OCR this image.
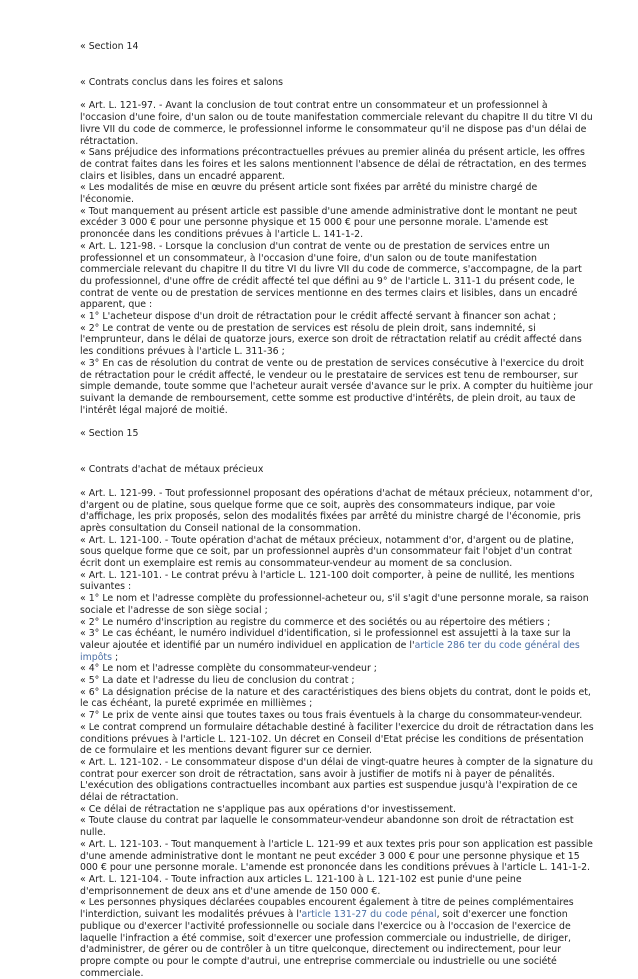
« Section 14

« Contrats conclus dans les foires et salons

« Art. L. 121-97. - Avant la conclusion de tout contrat entre un consommateur et un professionnel à l'occasion d'une foire, d'un salon ou de toute manifestation commerciale relevant du chapitre II du titre VI du livre VII du code de commerce, le professionnel informe le consommateur qu'il ne dispose pas d'un délai de rétractation.

« Sans préjudice des informations précontractuelles prévues au premier alinéa du présent article, les offres de contrat faites dans les foires et les salons mentionnent l'absence de délai de rétractation, en des termes clairs et lisibles, dans un encadré apparent.

« Les modalités de mise en œuvre du présent article sont fixées par arrêté du ministre chargé de l'économie.

« Tout manquement au présent article est passible d'une amende administrative dont le montant ne peut excéder 3 000 € pour une personne physique et 15 000 € pour une personne morale. L'amende est prononcée dans les conditions prévues à l'article L. 141-1-2.

« Art. L. 121-98. - Lorsque la conclusion d'un contrat de vente ou de prestation de services entre un professionnel et un consommateur, à l'occasion d'une foire, d'un salon ou de toute manifestation commerciale relevant du chapitre II du titre VI du livre VII du code de commerce, s'accompagne, de la part du professionnel, d'une offre de crédit affecté tel que défini au 9° de l'article L. 311-1 du présent code, le contrat de vente ou de prestation de services mentionne en des termes clairs et lisibles, dans un encadré apparent, que :

« 1° L'acheteur dispose d'un droit de rétractation pour le crédit affecté servant à financer son achat ;

« 2° Le contrat de vente ou de prestation de services est résolu de plein droit, sans indemnité, si l'emprunteur, dans le délai de quatorze jours, exerce son droit de rétractation relatif au crédit affecté dans les conditions prévues à l'article L. 311-36 ;

« 3° En cas de résolution du contrat de vente ou de prestation de services consécutive à l'exercice du droit de rétractation pour le crédit affecté, le vendeur ou le prestataire de services est tenu de rembourser, sur simple demande, toute somme que l'acheteur aurait versée d'avance sur le prix. A compter du huitième jour suivant la demande de remboursement, cette somme est productive d'intérêts, de plein droit, au taux de l'intérêt légal majoré de moitié.

« Section 15

« Contrats d'achat de métaux précieux

« Art. L. 121-99. - Tout professionnel proposant des opérations d'achat de métaux précieux, notamment d'or, d'argent ou de platine, sous quelque forme que ce soit, auprès des consommateurs indique, par voie d'affichage, les prix proposés, selon des modalités fixées par arrêté du ministre chargé de l'économie, pris après consultation du Conseil national de la consommation.

« Art. L. 121-100. - Toute opération d'achat de métaux précieux, notamment d'or, d'argent ou de platine, sous quelque forme que ce soit, par un professionnel auprès d'un consommateur fait l'objet d'un contrat écrit dont un exemplaire est remis au consommateur-vendeur au moment de sa conclusion.

« Art. L. 121-101. - Le contrat prévu à l'article L. 121-100 doit comporter, à peine de nullité, les mentions suivantes :

« 1° Le nom et l'adresse complète du professionnel-acheteur ou, s'il s'agit d'une personne morale, sa raison sociale et l'adresse de son siège social ;

« 2° Le numéro d'inscription au registre du commerce et des sociétés ou au répertoire des métiers ;

« 3° Le cas échéant, le numéro individuel d'identification, si le professionnel est assujetti à la taxe sur la valeur ajoutée et identifié par un numéro individuel en application de l'article 286 ter du code général des impôts ;

« 4° Le nom et l'adresse complète du consommateur-vendeur ;

« 5° La date et l'adresse du lieu de conclusion du contrat ;

« 6° La désignation précise de la nature et des caractéristiques des biens objets du contrat, dont le poids et, le cas échéant, la pureté exprimée en millièmes ;

« 7° Le prix de vente ainsi que toutes taxes ou tous frais éventuels à la charge du consommateur-vendeur.

« Le contrat comprend un formulaire détachable destiné à faciliter l'exercice du droit de rétractation dans les conditions prévues à l'article L. 121-102. Un décret en Conseil d'Etat précise les conditions de présentation de ce formulaire et les mentions devant figurer sur ce dernier.

« Art. L. 121-102. - Le consommateur dispose d'un délai de vingt-quatre heures à compter de la signature du contrat pour exercer son droit de rétractation, sans avoir à justifier de motifs ni à payer de pénalités. L'exécution des obligations contractuelles incombant aux parties est suspendue jusqu'à l'expiration de ce délai de rétractation.

« Ce délai de rétractation ne s'applique pas aux opérations d'or investissement.

« Toute clause du contrat par laquelle le consommateur-vendeur abandonne son droit de rétractation est nulle.

« Art. L. 121-103. - Tout manquement à l'article L. 121-99 et aux textes pris pour son application est passible d'une amende administrative dont le montant ne peut excéder 3 000 € pour une personne physique et 15 000 € pour une personne morale. L'amende est prononcée dans les conditions prévues à l'article L. 141-1-2.

« Art. L. 121-104. - Toute infraction aux articles L. 121-100 à L. 121-102 est punie d'une peine d'emprisonnement de deux ans et d'une amende de 150 000 €.

« Les personnes physiques déclarées coupables encourent également à titre de peines complémentaires l'interdiction, suivant les modalités prévues à l'article 131-27 du code pénal, soit d'exercer une fonction publique ou d'exercer l'activité professionnelle ou sociale dans l'exercice ou à l'occasion de l'exercice de laquelle l'infraction a été commise, soit d'exercer une profession commerciale ou industrielle, de diriger, d'administrer, de gérer ou de contrôler à un titre quelconque, directement ou indirectement, pour leur propre compte ou pour le compte d'autrui, une entreprise commerciale ou industrielle ou une société commerciale.
